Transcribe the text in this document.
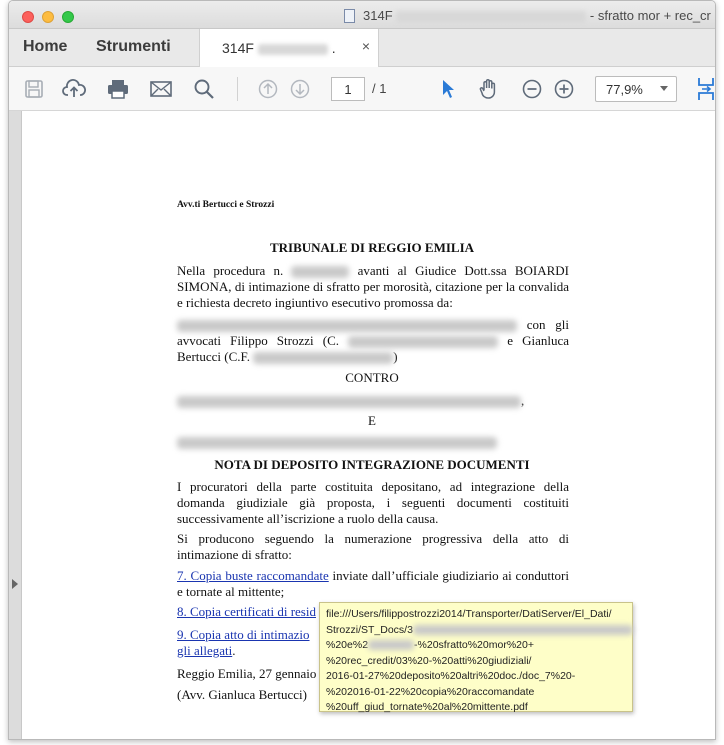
314F	- sfratto mor + rec_cr
Home Strumenti	314F	. ×
1
/ 1	77,9%
Avv.ti Bertucci e Strozzi
TRIBUNALE DI REGGIO EMILIA
Nella procedura n.	avanti al Giudice Dott.ssa BOIARDI SIMONA, di intimazione di sfratto per morosità, citazione per la convalida e richiesta decreto ingiuntivo esecutivo promossa da:
con gli avvocati Filippo Strozzi (C.	e Gianluca Bertucci (C.F.	)
CONTRO
,
E
NOTA DI DEPOSITO INTEGRAZIONE DOCUMENTI
I procuratori della parte costituita depositano, ad integrazione della domanda giudiziale già proposta, i seguenti documenti costituiti successivamente all’iscrizione a ruolo della causa.
Si producono seguendo la numerazione progressiva della atto di intimazione di sfratto:
7. Copia buste raccomandate inviate dall’ufficiale giudiziario ai conduttori e tornate al mittente;
8. Copia certificati di resid
9. Copia atto di intimazio
gli allegati.
Reggio Emilia, 27 gennaio
(Avv. Gianluca Bertucci)
file:///Users/filippostrozzi2014/Transporter/DatiServer/El_Dati/
Strozzi/ST_Docs/3
%20e%2	-%20sfratto%20mor%20+
%20rec_credit/03%20-%20atti%20giudiziali/
2016-01-27%20deposito%20altri%20doc./doc_7%20-
%202016-01-22%20copia%20raccomandate
%20uff_giud_tornate%20al%20mittente.pdf
